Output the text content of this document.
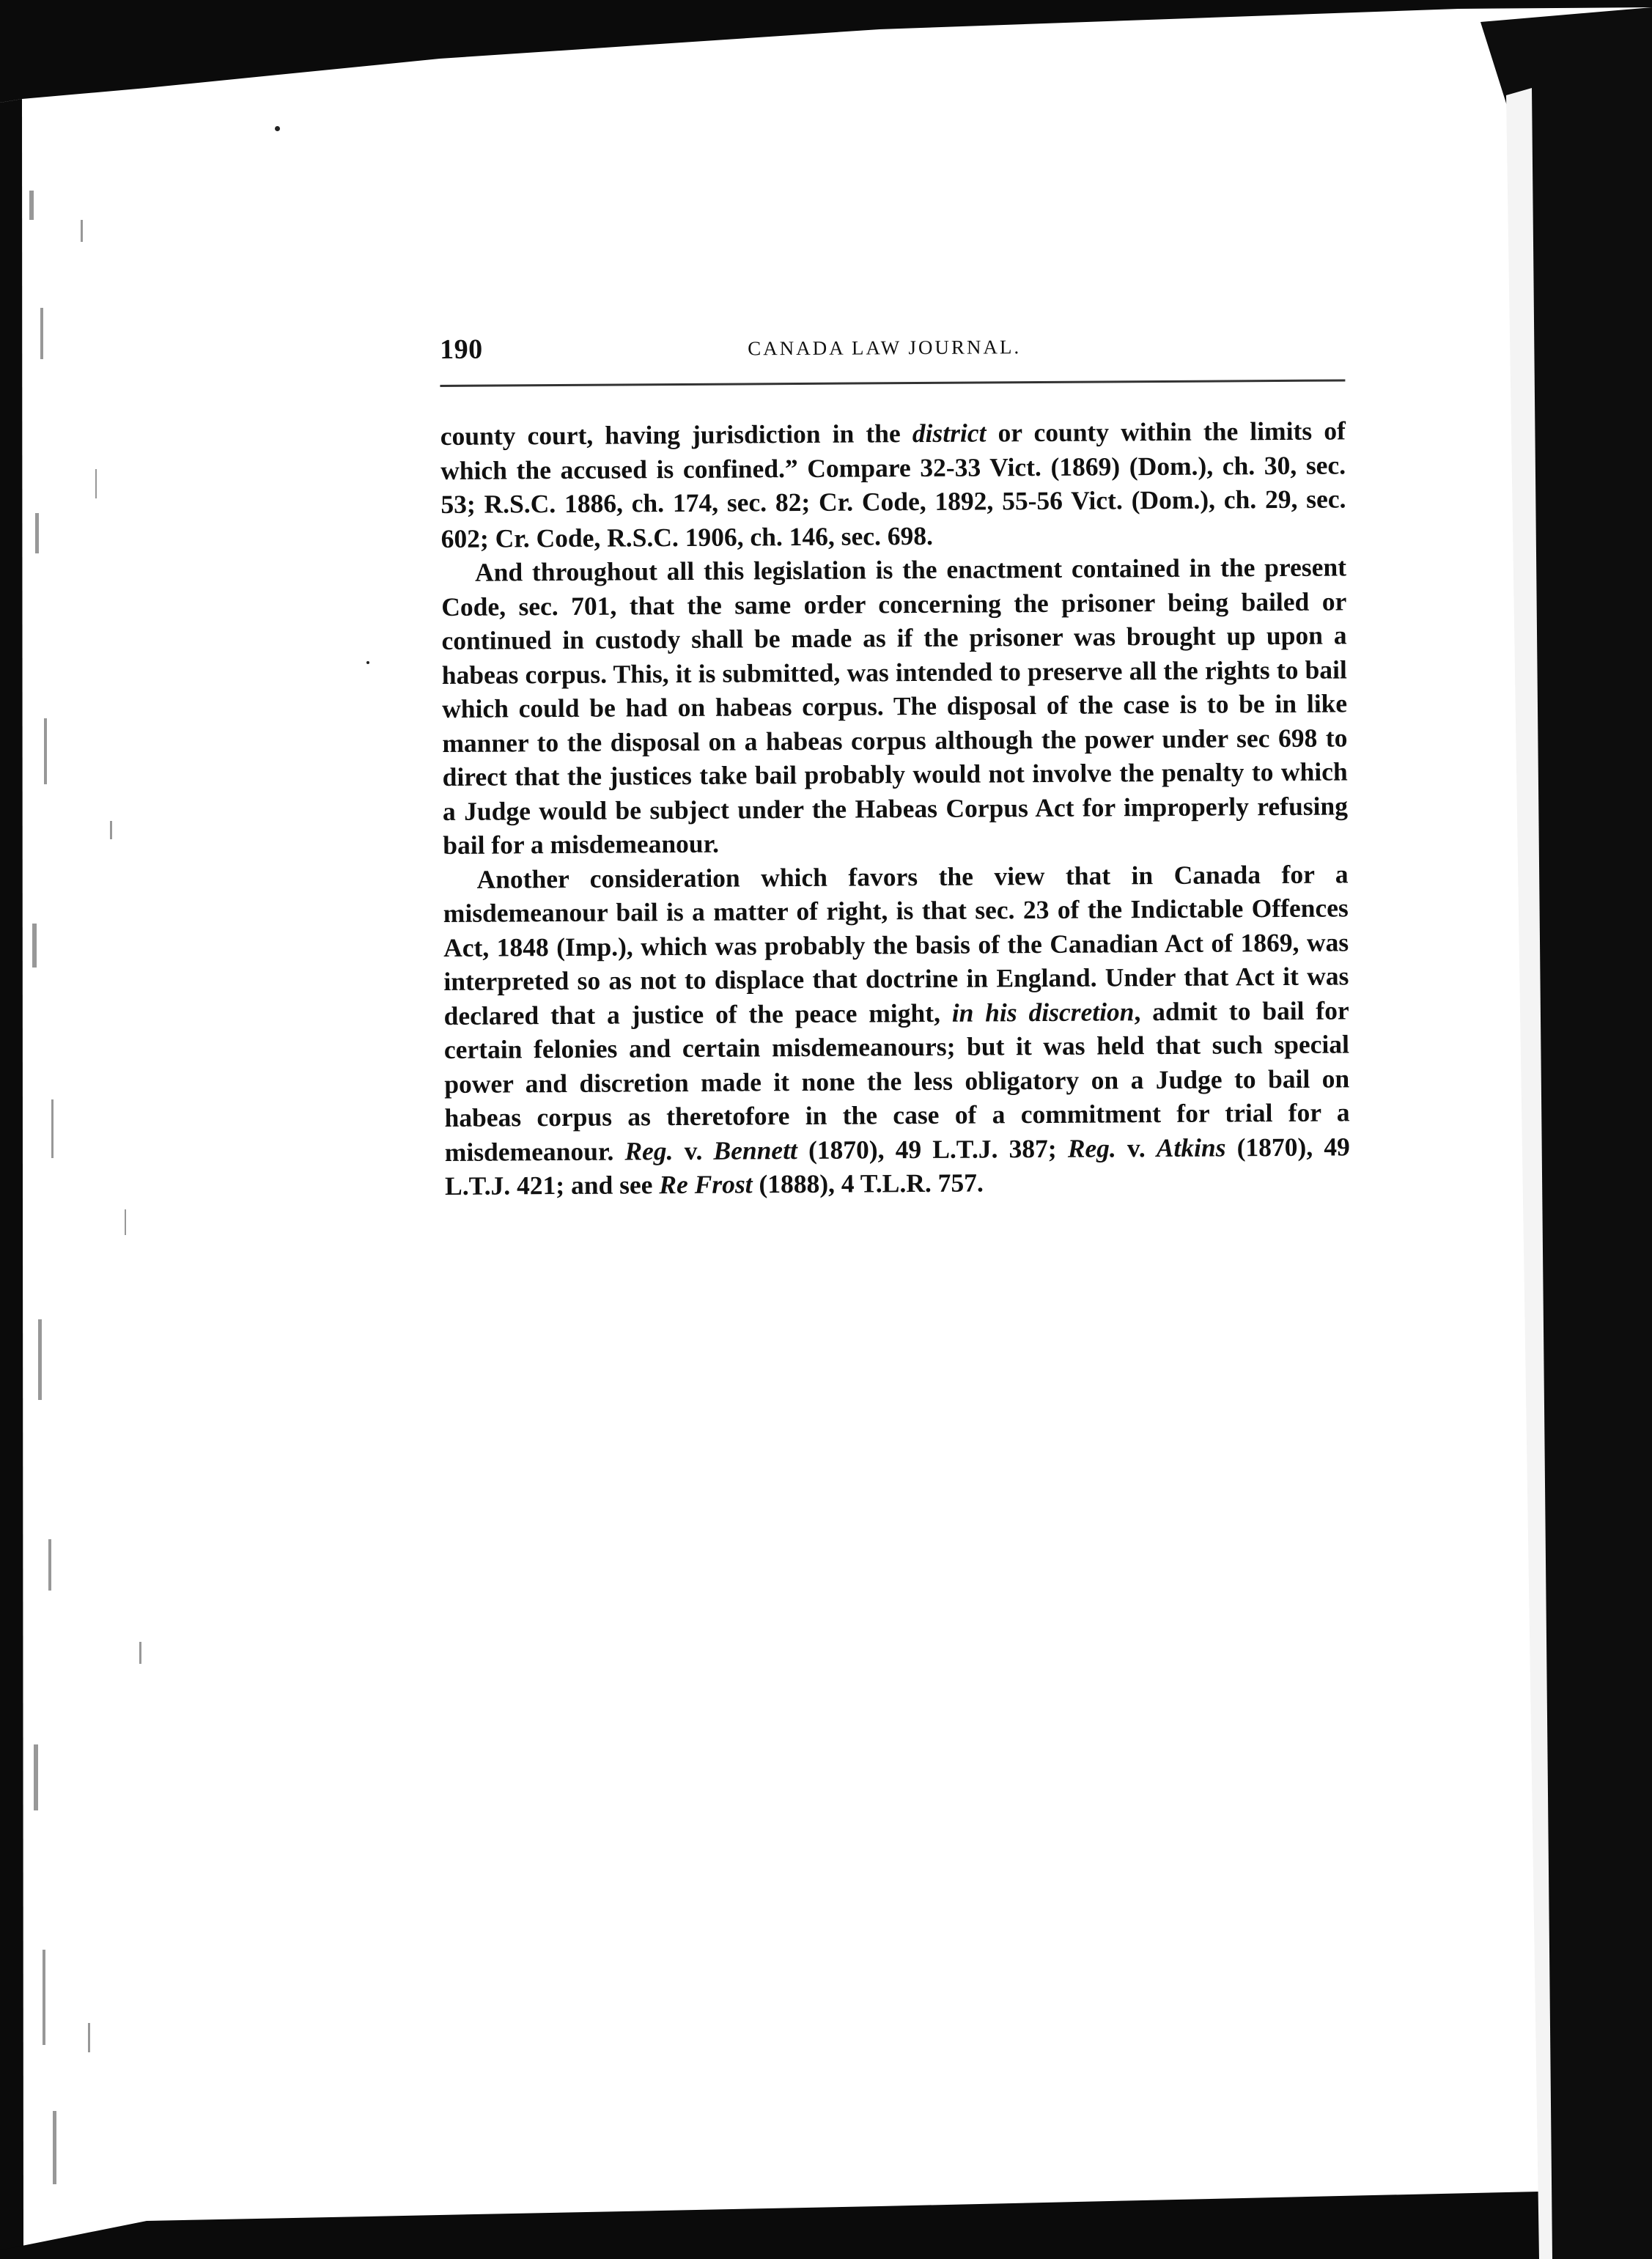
190	CANADA LAW JOURNAL.

county court, having jurisdiction in the district or county within the limits of which the accused is confined.” Compare 32-33 Vict. (1869) (Dom.), ch. 30, sec. 53; R.S.C. 1886, ch. 174, sec. 82; Cr. Code, 1892, 55-56 Vict. (Dom.), ch. 29, sec. 602; Cr. Code, R.S.C. 1906, ch. 146, sec. 698.

And throughout all this legislation is the enactment contained in the present Code, sec. 701, that the same order concerning the prisoner being bailed or continued in custody shall be made as if the prisoner was brought up upon a habeas corpus. This, it is submitted, was intended to preserve all the rights to bail which could be had on habeas corpus. The disposal of the case is to be in like manner to the disposal on a habeas corpus although the power under sec 698 to direct that the justices take bail probably would not involve the penalty to which a Judge would be subject under the Habeas Corpus Act for improperly refusing bail for a misdemeanour.

Another consideration which favors the view that in Canada for a misdemeanour bail is a matter of right, is that sec. 23 of the Indictable Offences Act, 1848 (Imp.), which was probably the basis of the Canadian Act of 1869, was interpreted so as not to displace that doctrine in England. Under that Act it was declared that a justice of the peace might, in his discretion, admit to bail for certain felonies and certain misdemeanours; but it was held that such special power and discretion made it none the less obligatory on a Judge to bail on habeas corpus as theretofore in the case of a commitment for trial for a misdemeanour. Reg. v. Bennett (1870), 49 L.T.J. 387; Reg. v. Atkins (1870), 49 L.T.J. 421; and see Re Frost (1888), 4 T.L.R. 757.
